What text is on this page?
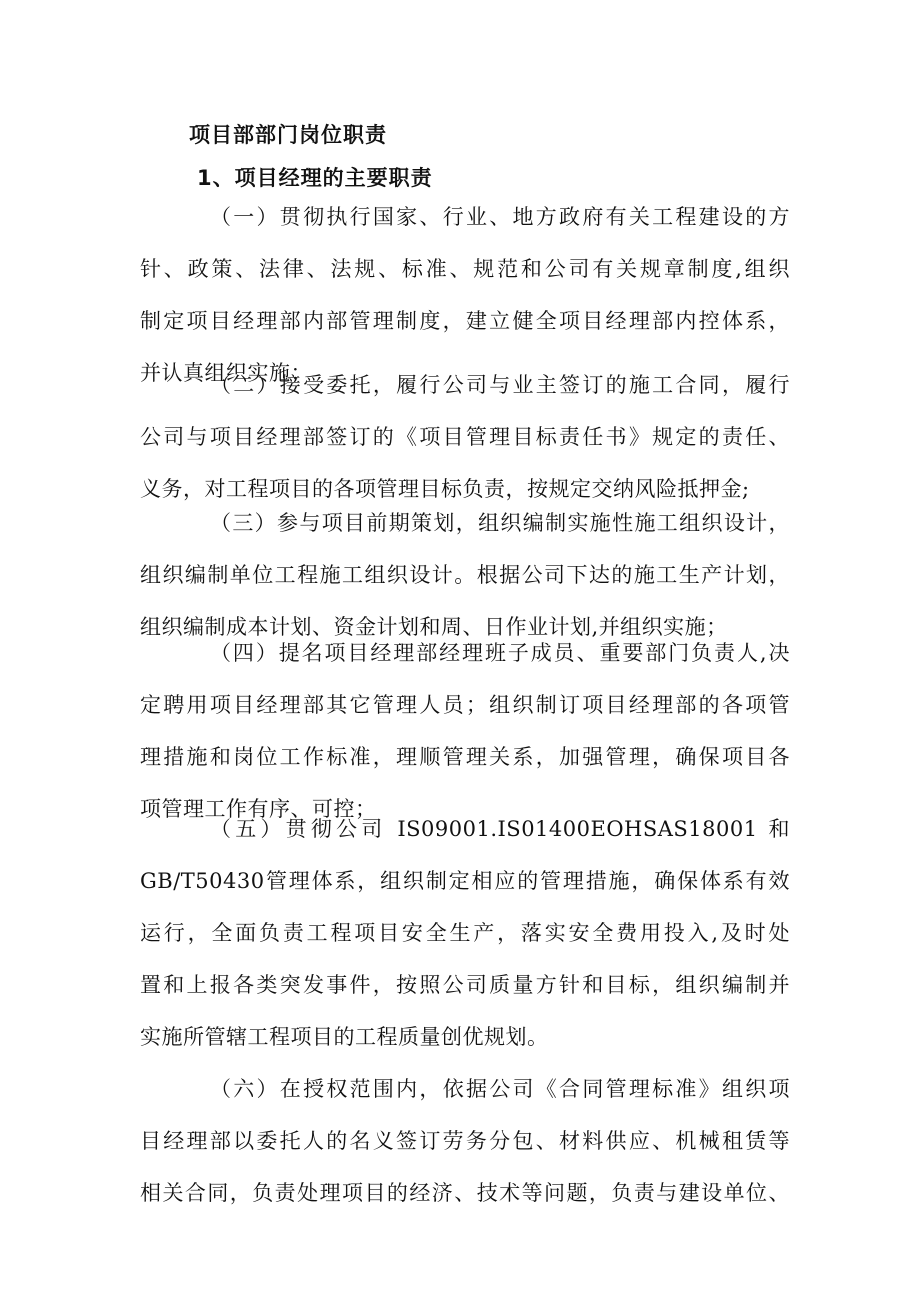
项目部部门岗位职责
1、项目经理的主要职责
（一）贯彻执行国家、行业、地方政府有关工程建设的方
针、政策、法律、法规、标准、规范和公司有关规章制度,组织
制定项目经理部内部管理制度，建立健全项目经理部内控体系，
并认真组织实施；
（二）接受委托，履行公司与业主签订的施工合同，履行
公司与项目经理部签订的《项目管理目标责任书》规定的责任、
义务，对工程项目的各项管理目标负责，按规定交纳风险抵押金;
（三）参与项目前期策划，组织编制实施性施工组织设计，
组织编制单位工程施工组织设计。根据公司下达的施工生产计划，
组织编制成本计划、资金计划和周、日作业计划,并组织实施；
（四）提名项目经理部经理班子成员、重要部门负责人,决
定聘用项目经理部其它管理人员；组织制订项目经理部的各项管
理措施和岗位工作标准，理顺管理关系，加强管理，确保项目各
项管理工作有序、可控；
（五）贯彻公司 IS09001.IS01400EOHSAS18001 和
GB/T50430管理体系，组织制定相应的管理措施，确保体系有效
运行，全面负责工程项目安全生产，落实安全费用投入,及时处
置和上报各类突发事件，按照公司质量方针和目标，组织编制并
实施所管辖工程项目的工程质量创优规划。
（六）在授权范围内，依据公司《合同管理标准》组织项
目经理部以委托人的名义签订劳务分包、材料供应、机械租赁等
相关合同，负责处理项目的经济、技术等问题，负责与建设单位、
